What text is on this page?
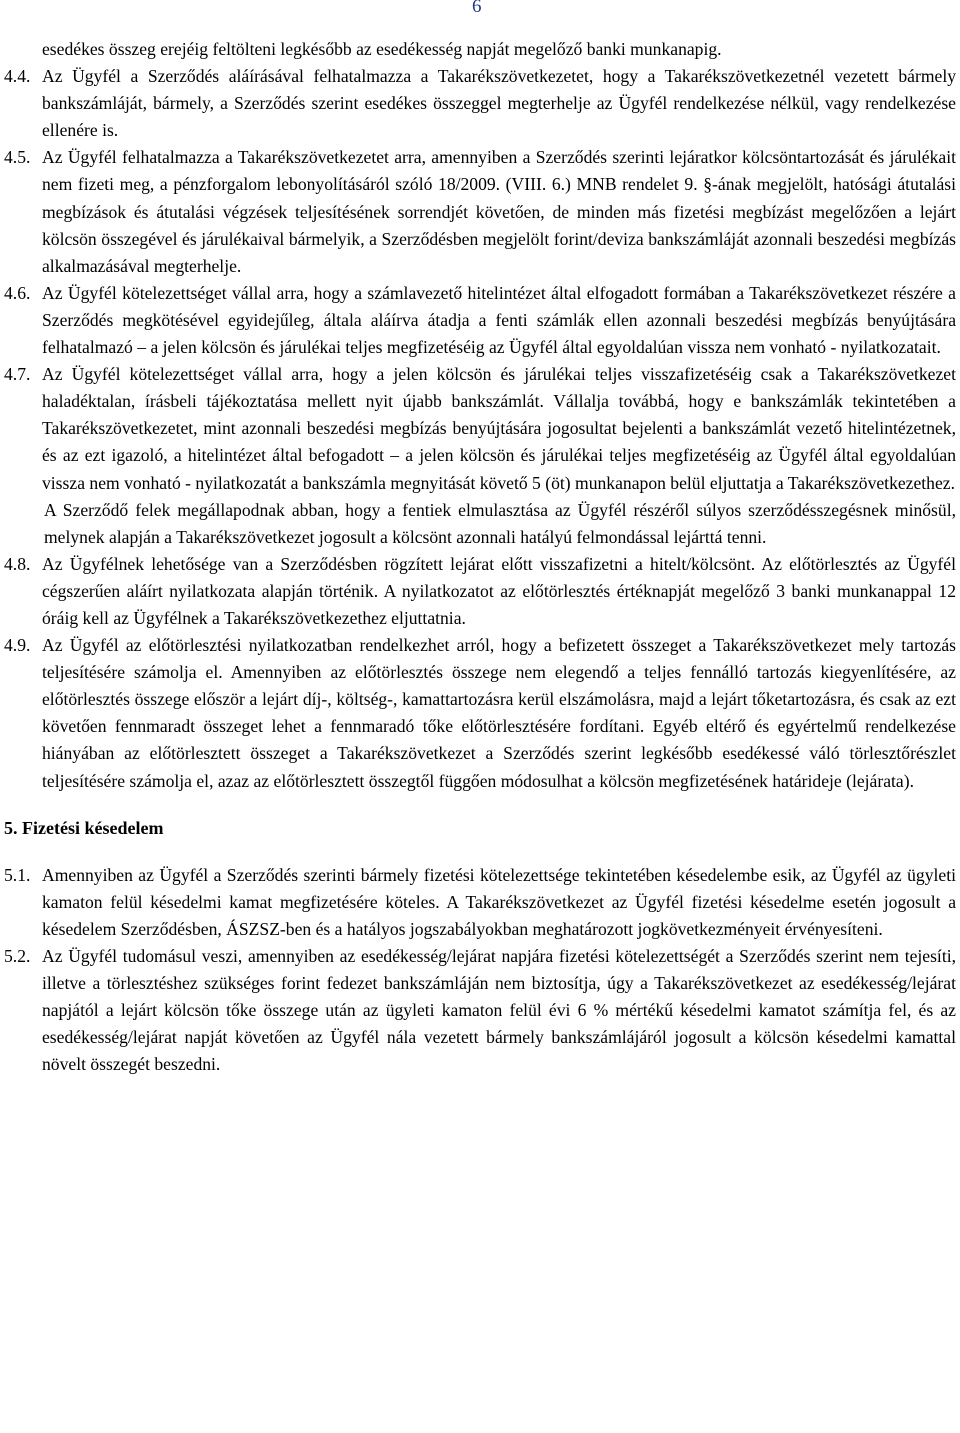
6

esedékes összeg erejéig feltölteni legkésőbb az esedékesség napját megelőző banki munkanapig.

4.4. Az Ügyfél a Szerződés aláírásával felhatalmazza a Takarékszövetkezetet, hogy a Takarékszövetkezetnél vezetett bármely bankszámláját, bármely, a Szerződés szerint esedékes összeggel megterhelje az Ügyfél rendelkezése nélkül, vagy rendelkezése ellenére is.

4.5. Az Ügyfél felhatalmazza a Takarékszövetkezetet arra, amennyiben a Szerződés szerinti lejáratkor kölcsöntartozását és járulékait nem fizeti meg, a pénzforgalom lebonyolításáról szóló 18/2009. (VIII. 6.) MNB rendelet 9. §-ának megjelölt, hatósági átutalási megbízások és átutalási végzések teljesítésének sorrendjét követően, de minden más fizetési megbízást megelőzően a lejárt kölcsön összegével és járulékaival bármelyik, a Szerződésben megjelölt forint/deviza bankszámláját azonnali beszedési megbízás alkalmazásával megterhelje.

4.6. Az Ügyfél kötelezettséget vállal arra, hogy a számlavezető hitelintézet által elfogadott formában a Takarékszövetkezet részére a Szerződés megkötésével egyidejűleg, általa aláírva átadja a fenti számlák ellen azonnali beszedési megbízás benyújtására felhatalmazó – a jelen kölcsön és járulékai teljes megfizetéséig az Ügyfél által egyoldalúan vissza nem vonható - nyilatkozatait.

4.7. Az Ügyfél kötelezettséget vállal arra, hogy a jelen kölcsön és járulékai teljes visszafizetéséig csak a Takarékszövetkezet haladéktalan, írásbeli tájékoztatása mellett nyit újabb bankszámlát. Vállalja továbbá, hogy e bankszámlák tekintetében a Takarékszövetkezetet, mint azonnali beszedési megbízás benyújtására jogosultat bejelenti a bankszámlát vezető hitelintézetnek, és az ezt igazoló, a hitelintézet által befogadott – a jelen kölcsön és járulékai teljes megfizetéséig az Ügyfél által egyoldalúan vissza nem vonható - nyilatkozatát a bankszámla megnyitását követő 5 (öt) munkanapon belül eljuttatja a Takarékszövetkezethez.

A Szerződő felek megállapodnak abban, hogy a fentiek elmulasztása az Ügyfél részéről súlyos szerződésszegésnek minősül, melynek alapján a Takarékszövetkezet jogosult a kölcsönt azonnali hatályú felmondással lejárttá tenni.

4.8. Az Ügyfélnek lehetősége van a Szerződésben rögzített lejárat előtt visszafizetni a hitelt/kölcsönt. Az előtörlesztés az Ügyfél cégszerűen aláírt nyilatkozata alapján történik. A nyilatkozatot az előtörlesztés értéknapját megelőző 3 banki munkanappal 12 óráig kell az Ügyfélnek a Takarékszövetkezethez eljuttatnia.

4.9. Az Ügyfél az előtörlesztési nyilatkozatban rendelkezhet arról, hogy a befizetett összeget a Takarékszövetkezet mely tartozás teljesítésére számolja el. Amennyiben az előtörlesztés összege nem elegendő a teljes fennálló tartozás kiegyenlítésére, az előtörlesztés összege először a lejárt díj-, költség-, kamattartozásra kerül elszámolásra, majd a lejárt tőketartozásra, és csak az ezt követően fennmaradt összeget lehet a fennmaradó tőke előtörlesztésére fordítani. Egyéb eltérő és egyértelmű rendelkezése hiányában az előtörlesztett összeget a Takarékszövetkezet a Szerződés szerint legkésőbb esedékessé váló törlesztőrészlet teljesítésére számolja el, azaz az előtörlesztett összegtől függően módosulhat a kölcsön megfizetésének határideje (lejárata).

5. Fizetési késedelem
5.1. Amennyiben az Ügyfél a Szerződés szerinti bármely fizetési kötelezettsége tekintetében késedelembe esik, az Ügyfél az ügyleti kamaton felül késedelmi kamat megfizetésére köteles. A Takarékszövetkezet az Ügyfél fizetési késedelme esetén jogosult a késedelem Szerződésben, ÁSZSZ-ben és a hatályos jogszabályokban meghatározott jogkövetkezményeit érvényesíteni.

5.2. Az Ügyfél tudomásul veszi, amennyiben az esedékesség/lejárat napjára fizetési kötelezettségét a Szerződés szerint nem tejesíti, illetve a törlesztéshez szükséges forint fedezet bankszámláján nem biztosítja, úgy a Takarékszövetkezet az esedékesség/lejárat napjától a lejárt kölcsön tőke összege után az ügyleti kamaton felül évi 6 % mértékű késedelmi kamatot számítja fel, és az esedékesség/lejárat napját követően az Ügyfél nála vezetett bármely bankszámlájáról jogosult a kölcsön késedelmi kamattal növelt összegét beszedni.
